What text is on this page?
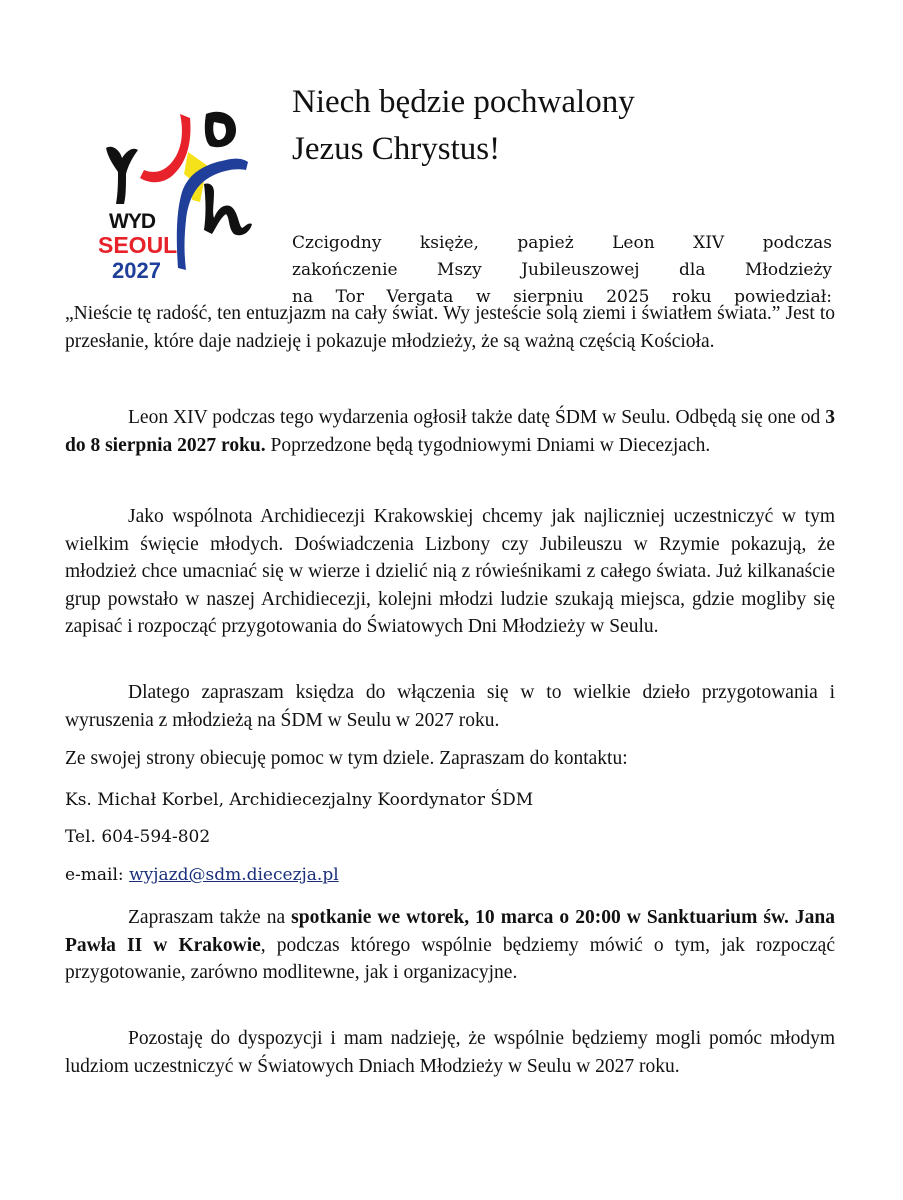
WYD
SEOUL
2027
Niech będzie pochwalony
Jezus Chrystus!
Czcigodny księże, papież Leon XIV podczas
zakończenie Mszy Jubileuszowej dla Młodzieży
na Tor Vergata w sierpniu 2025 roku powiedział:

„Nieście tę radość, ten entuzjazm na cały świat. Wy jesteście solą ziemi i światłem świata.” Jest to przesłanie, które daje nadzieję i pokazuje młodzieży, że są ważną częścią Kościoła.

Leon XIV podczas tego wydarzenia ogłosił także datę ŚDM w Seulu. Odbędą się one od 3 do 8 sierpnia 2027 roku. Poprzedzone będą tygodniowymi Dniami w Diecezjach.

Jako wspólnota Archidiecezji Krakowskiej chcemy jak najliczniej uczestniczyć w tym wielkim święcie młodych. Doświadczenia Lizbony czy Jubileuszu w Rzymie pokazują, że młodzież chce umacniać się w wierze i dzielić nią z rówieśnikami z całego świata. Już kilkanaście grup powstało w naszej Archidiecezji, kolejni młodzi ludzie szukają miejsca, gdzie mogliby się zapisać i rozpocząć przygotowania do Światowych Dni Młodzieży w Seulu.

Dlatego zapraszam księdza do włączenia się w to wielkie dzieło przygotowania i wyruszenia z młodzieżą na ŚDM w Seulu w 2027 roku.

Ze swojej strony obiecuję pomoc w tym dziele. Zapraszam do kontaktu:

Ks. Michał Korbel, Archidiecezjalny Koordynator ŚDM

Tel. 604-594-802

e-mail: wyjazd@sdm.diecezja.pl

Zapraszam także na spotkanie we wtorek, 10 marca o 20:00 w Sanktuarium św. Jana Pawła II w Krakowie, podczas którego wspólnie będziemy mówić o tym, jak rozpocząć przygotowanie, zarówno modlitewne, jak i organizacyjne.

Pozostaję do dyspozycji i mam nadzieję, że wspólnie będziemy mogli pomóc młodym ludziom uczestniczyć w Światowych Dniach Młodzieży w Seulu w 2027 roku.
